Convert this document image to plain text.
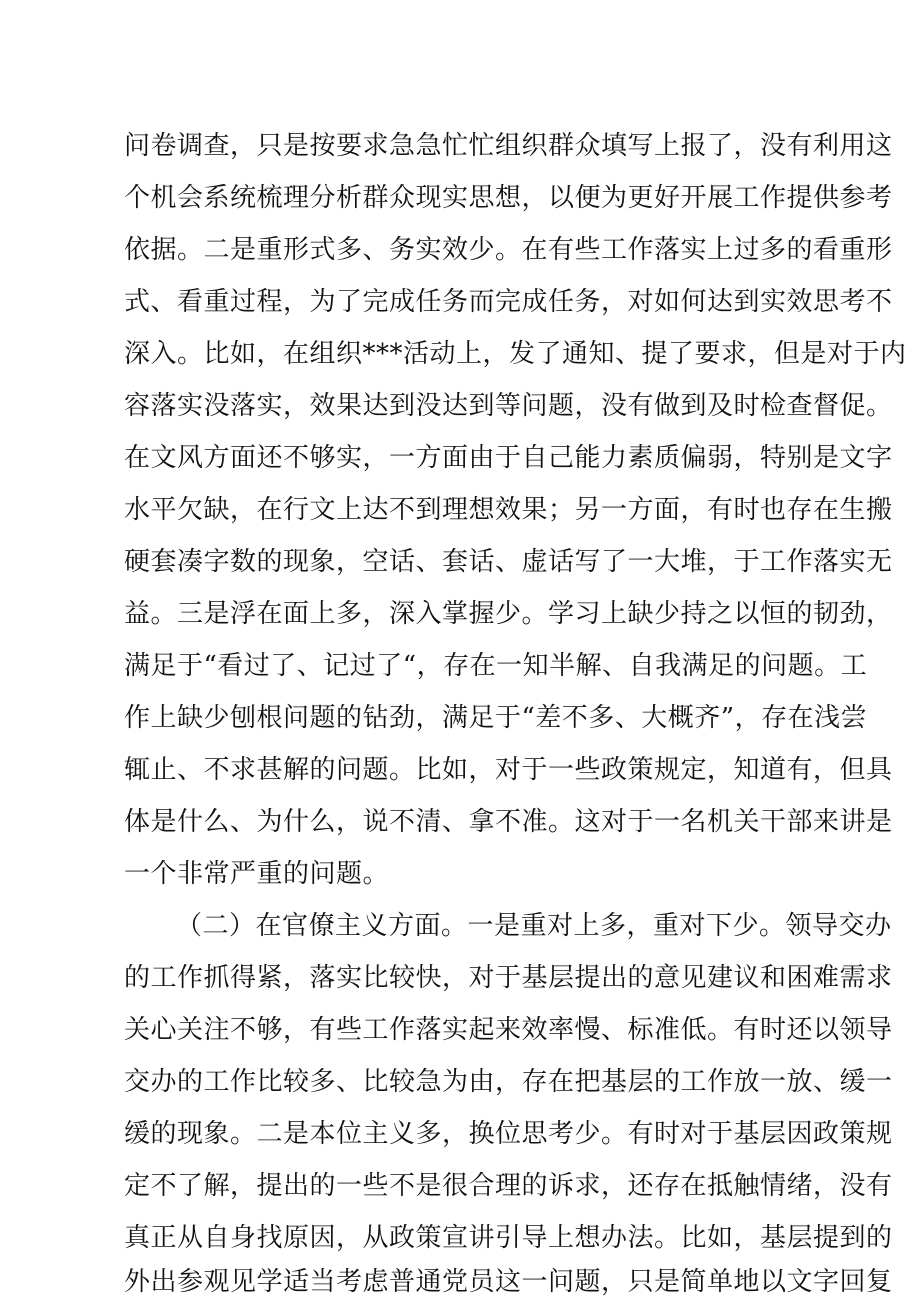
问卷调查，只是按要求急急忙忙组织群众填写上报了，没有利用这
个机会系统梳理分析群众现实思想，以便为更好开展工作提供参考
依据。二是重形式多、务实效少。在有些工作落实上过多的看重形
式、看重过程，为了完成任务而完成任务，对如何达到实效思考不
深入。比如，在组织***活动上，发了通知、提了要求，但是对于内
容落实没落实，效果达到没达到等问题，没有做到及时检查督促。
在文风方面还不够实，一方面由于自己能力素质偏弱，特别是文字
水平欠缺，在行文上达不到理想效果；另一方面，有时也存在生搬
硬套凑字数的现象，空话、套话、虚话写了一大堆，于工作落实无
益。三是浮在面上多，深入掌握少。学习上缺少持之以恒的韧劲，
满足于“看过了、记过了“，存在一知半解、自我满足的问题。工
作上缺少刨根问题的钻劲，满足于“差不多、大概齐”，存在浅尝
辄止、不求甚解的问题。比如，对于一些政策规定，知道有，但具
体是什么、为什么，说不清、拿不准。这对于一名机关干部来讲是
一个非常严重的问题。
（二）在官僚主义方面。一是重对上多，重对下少。领导交办
的工作抓得紧，落实比较快，对于基层提出的意见建议和困难需求
关心关注不够，有些工作落实起来效率慢、标准低。有时还以领导
交办的工作比较多、比较急为由，存在把基层的工作放一放、缓一
缓的现象。二是本位主义多，换位思考少。有时对于基层因政策规
定不了解，提出的一些不是很合理的诉求，还存在抵触情绪，没有
真正从自身找原因，从政策宣讲引导上想办法。比如，基层提到的
外出参观见学适当考虑普通党员这一问题，只是简单地以文字回复
